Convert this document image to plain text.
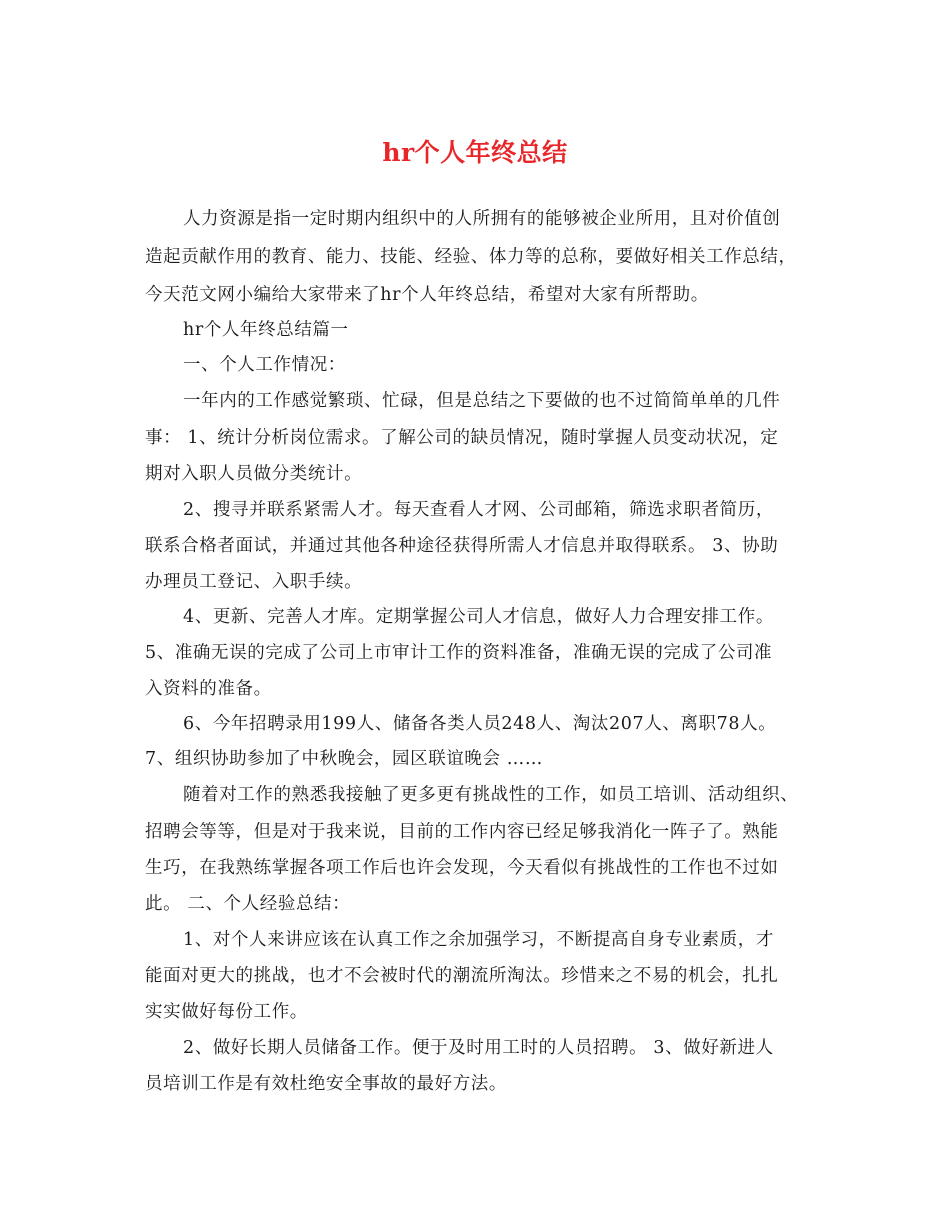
hr个人年终总结
人力资源是指一定时期内组织中的人所拥有的能够被企业所用，且对价值创
造起贡献作用的教育、能力、技能、经验、体力等的总称，要做好相关工作总结，
今天范文网小编给大家带来了hr个人年终总结，希望对大家有所帮助。
hr个人年终总结篇一
一、个人工作情况：
一年内的工作感觉繁琐、忙碌，但是总结之下要做的也不过简简单单的几件
事： 1、统计分析岗位需求。了解公司的缺员情况，随时掌握人员变动状况，定
期对入职人员做分类统计。
2、搜寻并联系紧需人才。每天查看人才网、公司邮箱，筛选求职者简历，
联系合格者面试，并通过其他各种途径获得所需人才信息并取得联系。 3、协助
办理员工登记、入职手续。
4、更新、完善人才库。定期掌握公司人才信息，做好人力合理安排工作。
5、准确无误的完成了公司上市审计工作的资料准备，准确无误的完成了公司准
入资料的准备。
6、今年招聘录用199人、储备各类人员248人、淘汰207人、离职78人。
7、组织协助参加了中秋晚会，园区联谊晚会 ……
随着对工作的熟悉我接触了更多更有挑战性的工作，如员工培训、活动组织、
招聘会等等，但是对于我来说，目前的工作内容已经足够我消化一阵子了。熟能
生巧，在我熟练掌握各项工作后也许会发现，今天看似有挑战性的工作也不过如
此。 二、个人经验总结：
1、对个人来讲应该在认真工作之余加强学习，不断提高自身专业素质，才
能面对更大的挑战，也才不会被时代的潮流所淘汰。珍惜来之不易的机会，扎扎
实实做好每份工作。
2、做好长期人员储备工作。便于及时用工时的人员招聘。 3、做好新进人
员培训工作是有效杜绝安全事故的最好方法。
